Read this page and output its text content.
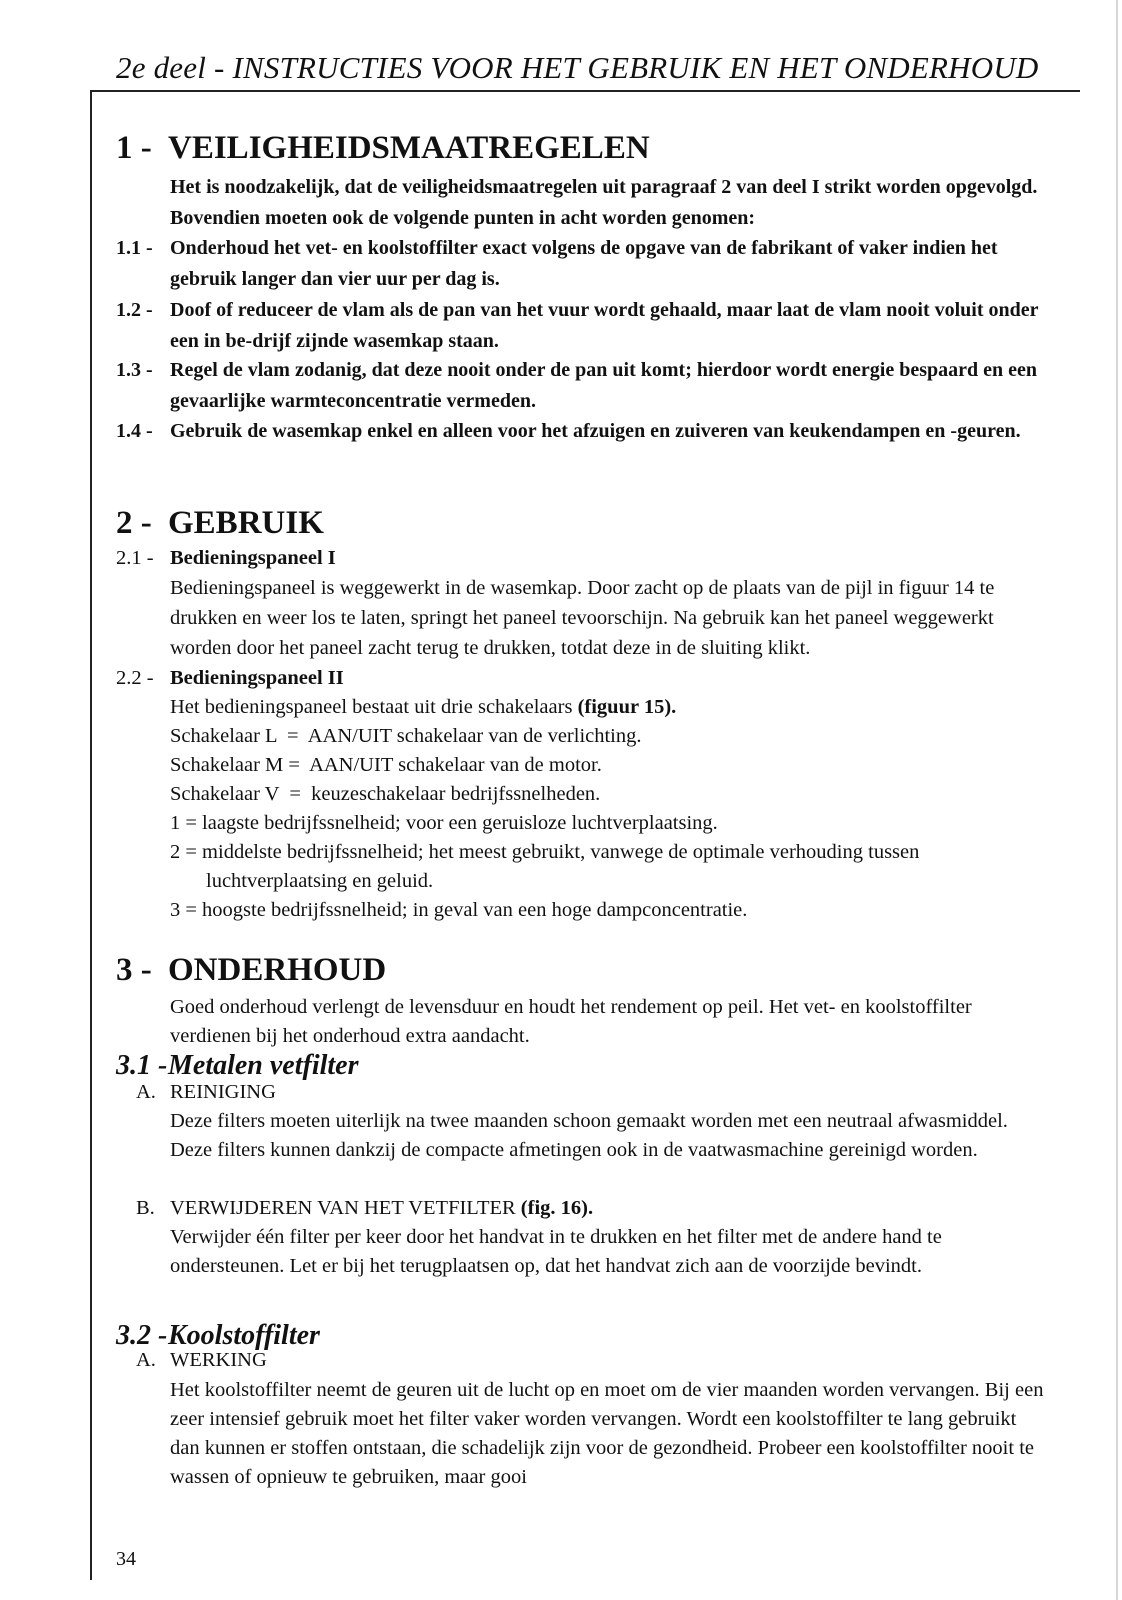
2e deel - INSTRUCTIES VOOR HET GEBRUIK EN HET ONDERHOUD
1 - VEILIGHEIDSMAATREGELEN
Het is noodzakelijk, dat de veiligheidsmaatregelen uit paragraaf 2 van deel I strikt worden opgevolgd. Bovendien moeten ook de volgende punten in acht worden genomen:
1.1 - Onderhoud het vet- en koolstoffilter exact volgens de opgave van de fabrikant of vaker indien het gebruik langer dan vier uur per dag is.
1.2 - Doof of reduceer de vlam als de pan van het vuur wordt gehaald, maar laat de vlam nooit voluit onder een in be-drijf zijnde wasemkap staan.
1.3 - Regel de vlam zodanig, dat deze nooit onder de pan uit komt; hierdoor wordt energie bespaard en een gevaarlijke warmteconcentratie vermeden.
1.4 - Gebruik de wasemkap enkel en alleen voor het afzuigen en zuiveren van keukendampen en -geuren.
2 - GEBRUIK
2.1 - Bedieningspaneel I
Bedieningspaneel is weggewerkt in de wasemkap. Door zacht op de plaats van de pijl in figuur 14 te drukken en weer los te laten, springt het paneel tevoorschijn. Na gebruik kan het paneel weggewerkt worden door het paneel zacht terug te drukken, totdat deze in de sluiting klikt.
2.2 - Bedieningspaneel II
Het bedieningspaneel bestaat uit drie schakelaars (figuur 15).
Schakelaar L  =  AAN/UIT schakelaar van de verlichting.
Schakelaar M =  AAN/UIT schakelaar van de motor.
Schakelaar V  =  keuzeschakelaar bedrijfssnelheden.
1 = laagste bedrijfssnelheid; voor een geruisloze luchtverplaatsing.
2 = middelste bedrijfssnelheid; het meest gebruikt, vanwege de optimale verhouding tussen
luchtverplaatsing en geluid.
3 = hoogste bedrijfssnelheid; in geval van een hoge dampconcentratie.
3 - ONDERHOUD
Goed onderhoud verlengt de levensduur en houdt het rendement op peil. Het vet- en koolstoffilter verdienen bij het onderhoud extra aandacht.
3.1 -Metalen vetfilter
A. REINIGING
Deze filters moeten uiterlijk na twee maanden schoon gemaakt worden met een neutraal afwasmiddel. Deze filters kunnen dankzij de compacte afmetingen ook in de vaatwasmachine gereinigd worden.
B. VERWIJDEREN VAN HET VETFILTER (fig. 16).
Verwijder één filter per keer door het handvat in te drukken en het filter met de andere hand te ondersteunen. Let er bij het terugplaatsen op, dat het handvat zich aan de voorzijde bevindt.
3.2 -Koolstoffilter
A. WERKING
Het koolstoffilter neemt de geuren uit de lucht op en moet om de vier maanden worden vervangen. Bij een zeer intensief gebruik moet het filter vaker worden vervangen. Wordt een koolstoffilter te lang gebruikt dan kunnen er stoffen ontstaan, die schadelijk zijn voor de gezondheid. Probeer een koolstoffilter nooit te wassen of opnieuw te gebruiken, maar gooi
34
